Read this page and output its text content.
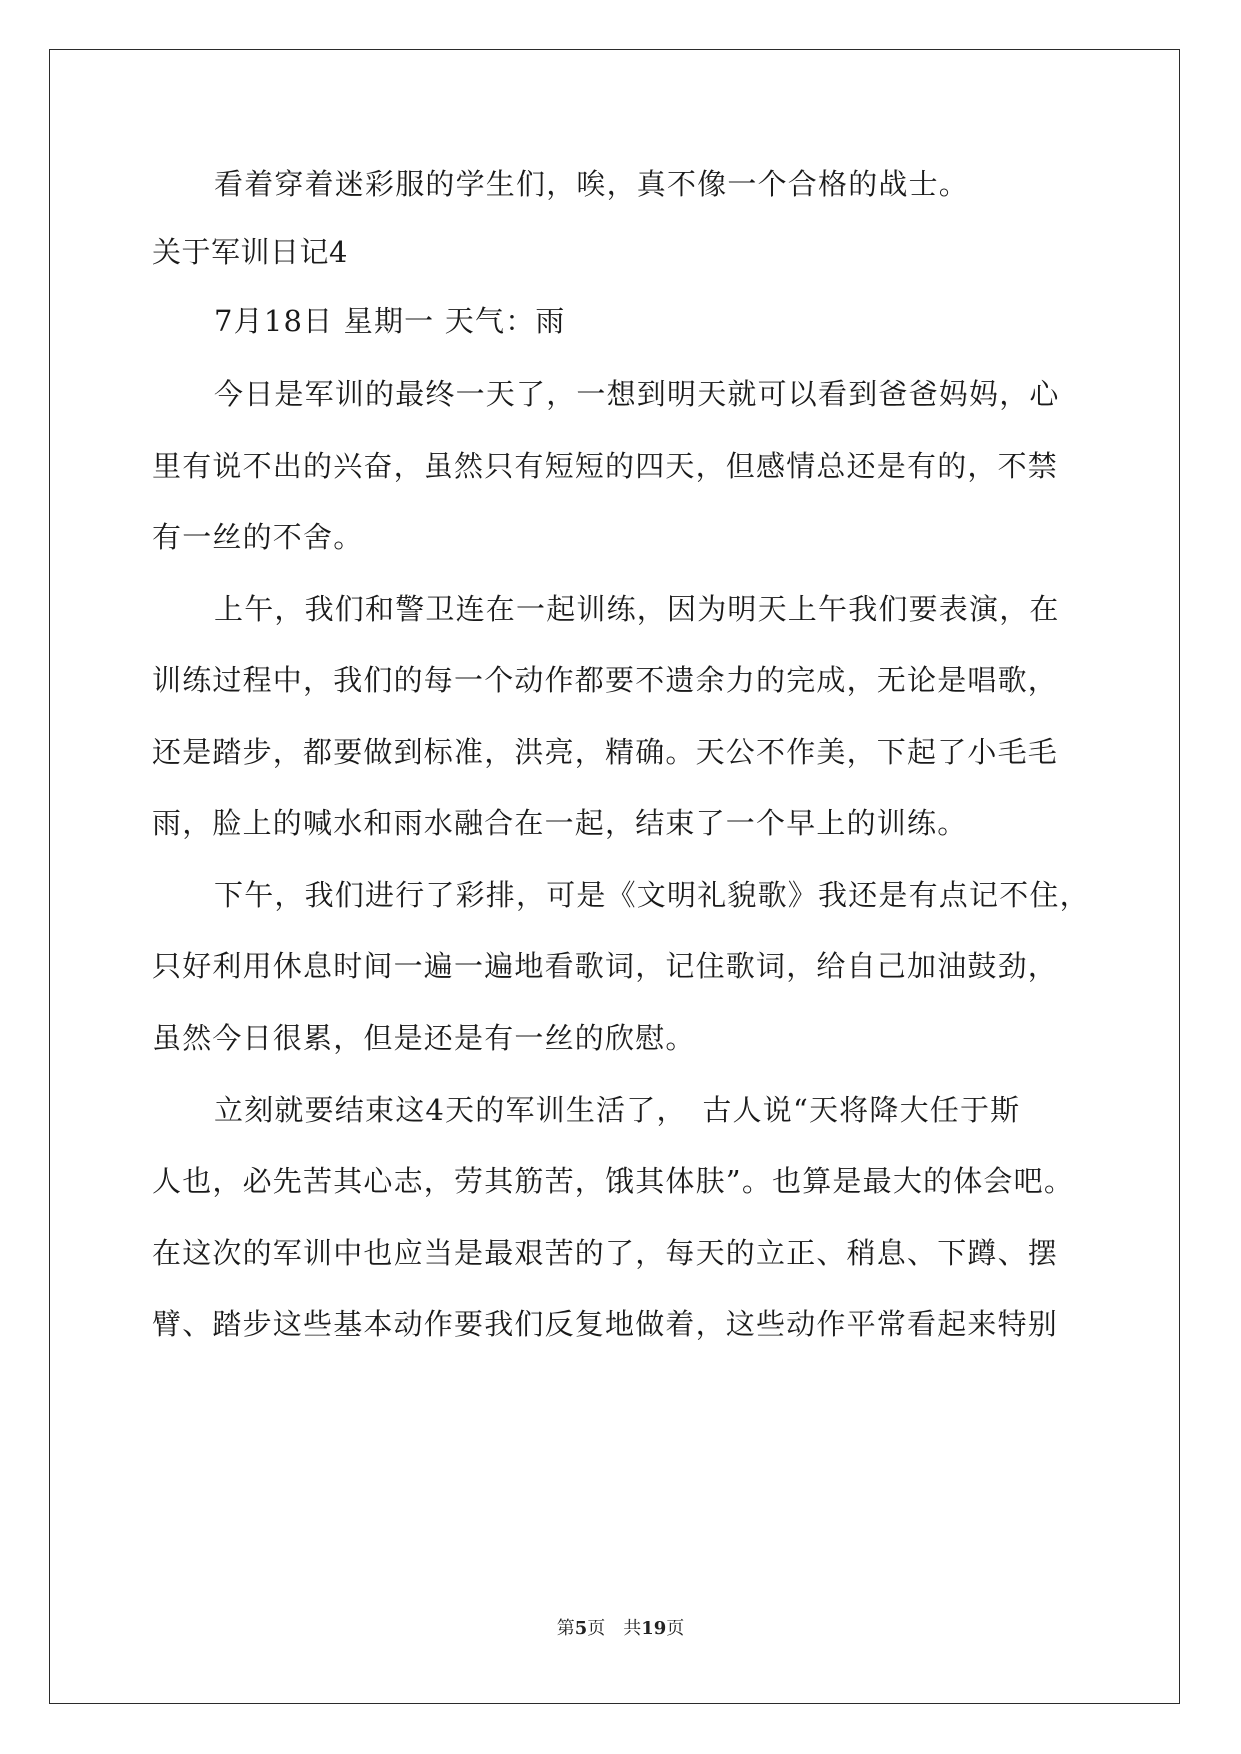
看着穿着迷彩服的学生们，唉，真不像一个合格的战士。
关于军训日记4
7月18日 星期一 天气：雨
今日是军训的最终一天了，一想到明天就可以看到爸爸妈妈，心
里有说不出的兴奋，虽然只有短短的四天，但感情总还是有的，不禁
有一丝的不舍。
上午，我们和警卫连在一起训练，因为明天上午我们要表演，在
训练过程中，我们的每一个动作都要不遗余力的完成，无论是唱歌，
还是踏步，都要做到标准，洪亮，精确。天公不作美，下起了小毛毛
雨，脸上的喊水和雨水融合在一起，结束了一个早上的训练。
下午，我们进行了彩排，可是《文明礼貌歌》我还是有点记不住，
只好利用休息时间一遍一遍地看歌词，记住歌词，给自己加油鼓劲，
虽然今日很累，但是还是有一丝的欣慰。
立刻就要结束这4天的军训生活了，　古人说“天将降大任于斯
人也，必先苦其心志，劳其筋苦，饿其体肤”。也算是最大的体会吧。
在这次的军训中也应当是最艰苦的了，每天的立正、稍息、下蹲、摆
臂、踏步这些基本动作要我们反复地做着，这些动作平常看起来特别
第5页 共19页
